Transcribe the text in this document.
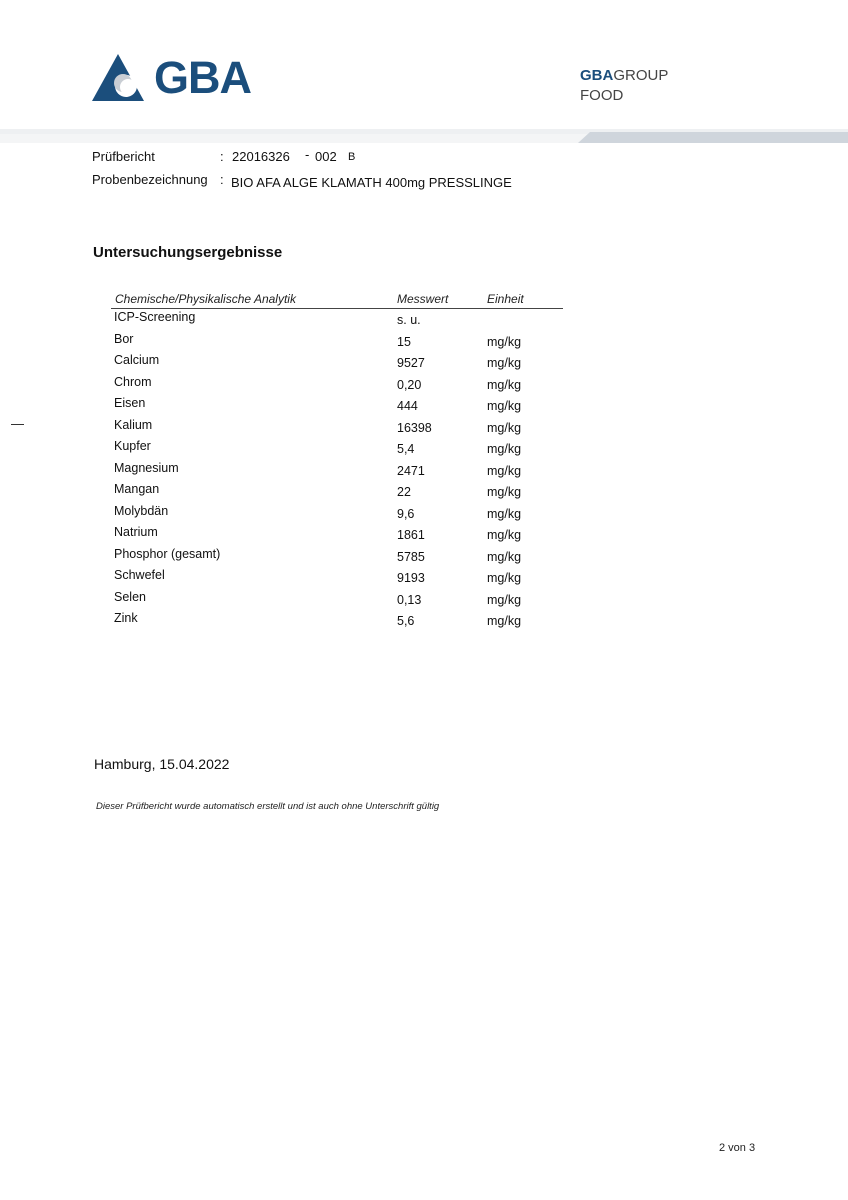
GBA	GBAGROUP
FOOD
Prüfbericht	: 22016326 - 002 B
Probenbezeichnung : BIO AFA ALGE KLAMATH 400mg PRESSLINGE
Untersuchungsergebnisse
Chemische/Physikalische Analytik	Messwert	Einheit
ICP-Screening	s. u.
Bor	15	mg/kg
Calcium	9527	mg/kg
Chrom	0,20	mg/kg
Eisen	444	mg/kg
Kalium	16398	mg/kg
Kupfer	5,4	mg/kg
Magnesium	2471	mg/kg
Mangan	22	mg/kg
Molybdän	9,6	mg/kg
Natrium	1861	mg/kg
Phosphor (gesamt)	5785	mg/kg
Schwefel	9193	mg/kg
Selen	0,13	mg/kg
Zink	5,6	mg/kg
Hamburg, 15.04.2022
Dieser Prüfbericht wurde automatisch erstellt und ist auch ohne Unterschrift gültig
2 von 3
